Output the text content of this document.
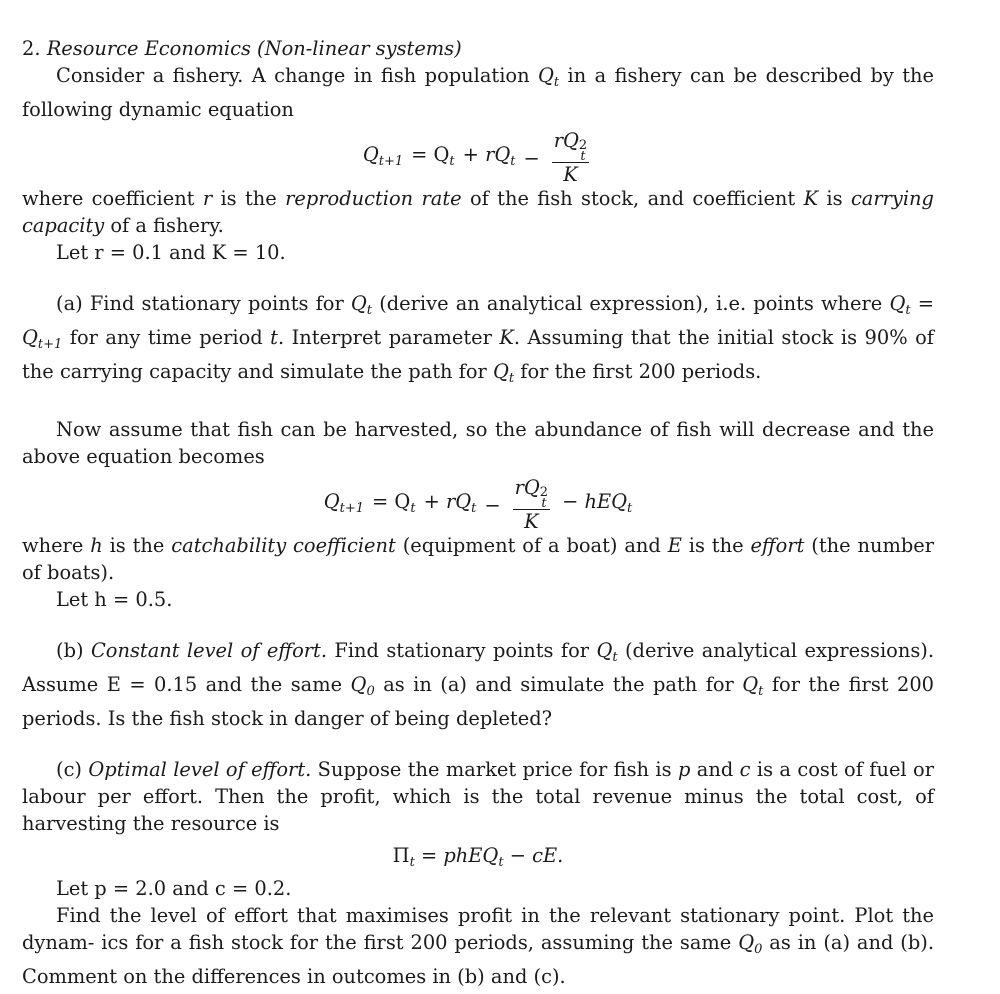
2. Resource Economics (Non-linear systems)

Consider a fishery. A change in fish population $Q_t$ in a fishery can be described by the following dynamic equation

$Q_{t+1} = Q_t + rQ_t$ − rQ 2
t
K

where coefficient r is the reproduction rate of the fish stock, and coefficient K is carrying capacity of a fishery.

Let r = 0.1 and K = 10.

(a) Find stationary points for $Q_t$ (derive an analytical expression), i.e. points where $Q_t = Q_{t+1}$ for any time period t. Interpret parameter K. Assuming that the initial stock is 90% of the carrying capacity and simulate the path for $Q_t$ for the first 200 periods.

Now assume that fish can be harvested, so the abundance of fish will decrease and the above equation becomes

$Q_{t+1} = Q_t + rQ_t$ − rQ 2
t
K − hEQ$_t$

where h is the catchability coefficient (equipment of a boat) and E is the effort (the number of boats).

Let h = 0.5.

(b) Constant level of effort. Find stationary points for $Q_t$ (derive analytical expressions). Assume E = 0.15 and the same $Q_0$ as in (a) and simulate the path for $Q_t$ for the first 200 periods. Is the fish stock in danger of being depleted?

(c) Optimal level of effort. Suppose the market price for fish is p and c is a cost of fuel or labour per effort. Then the profit, which is the total revenue minus the total cost, of harvesting the resource is

$\Pi_t$ = phEQ$_t$ − cE.

Let p = 2.0 and c = 0.2.

Find the level of effort that maximises profit in the relevant stationary point. Plot the dynam- ics for a fish stock for the first 200 periods, assuming the same $Q_0$ as in (a) and (b). Comment on the differences in outcomes in (b) and (c).
